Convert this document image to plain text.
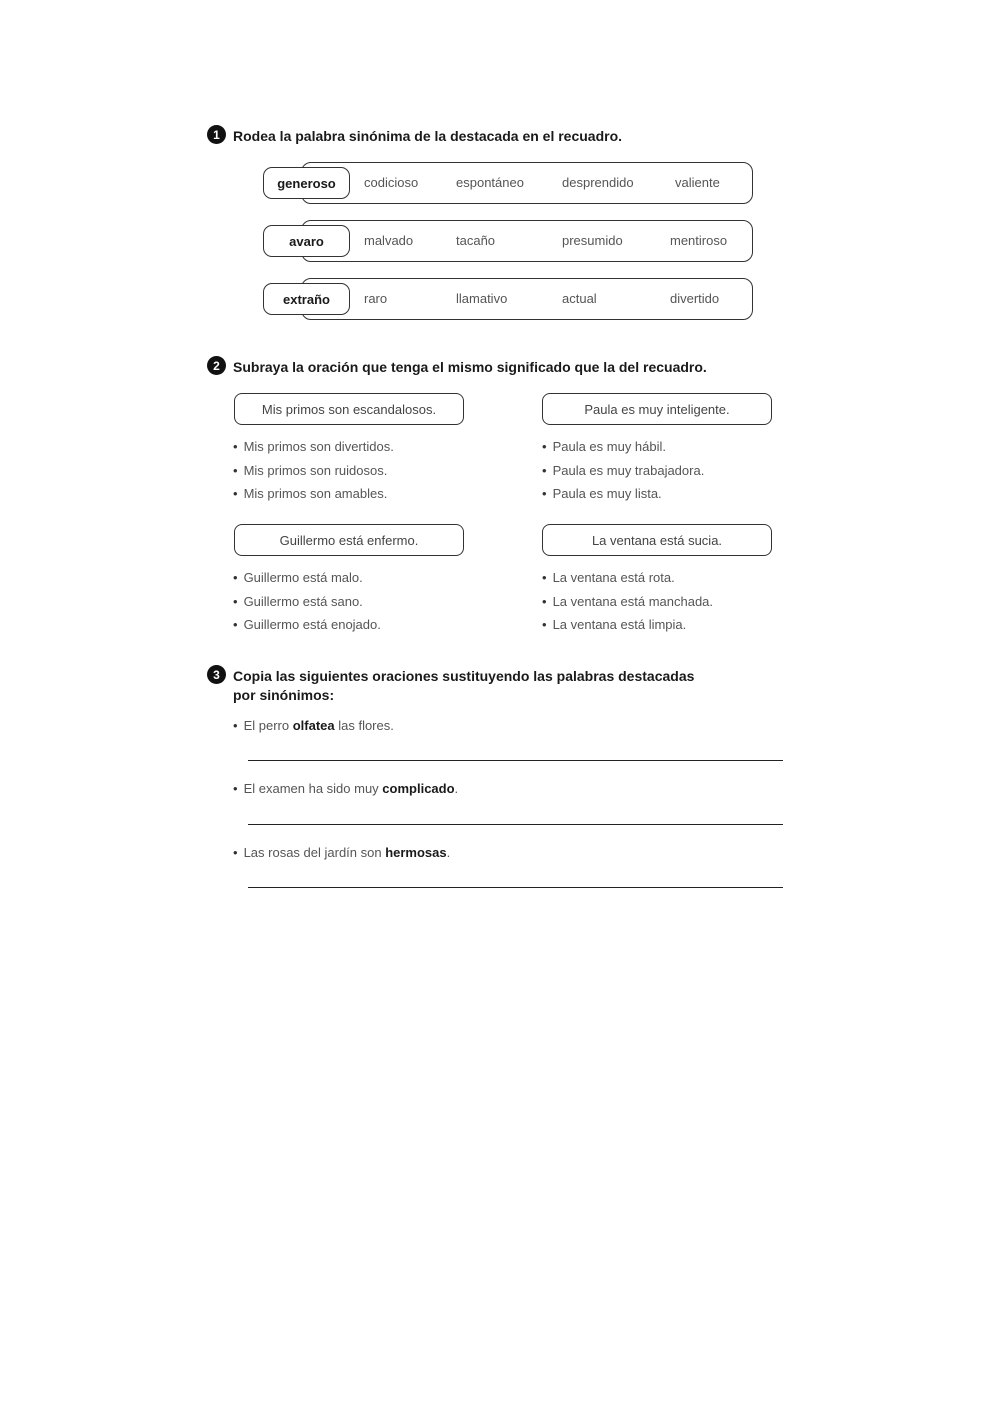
1 Rodea la palabra sinónima de la destacada en el recuadro.
generoso	codicioso	espontáneo	desprendido	valiente
avaro	malvado	tacaño	presumido	mentiroso
extraño	raro	llamativo	actual	divertido
2 Subraya la oración que tenga el mismo significado que la del recuadro.
Mis primos son escandalosos.
• Mis primos son divertidos.
• Mis primos son ruidosos.
• Mis primos son amables.
Paula es muy inteligente.
• Paula es muy hábil.
• Paula es muy trabajadora.
• Paula es muy lista.
Guillermo está enfermo.
• Guillermo está malo.
• Guillermo está sano.
• Guillermo está enojado.
La ventana está sucia.
• La ventana está rota.
• La ventana está manchada.
• La ventana está limpia.
3 Copia las siguientes oraciones sustituyendo las palabras destacadas
por sinónimos:
• El perro olfatea las flores.
• El examen ha sido muy complicado.
• Las rosas del jardín son hermosas.
